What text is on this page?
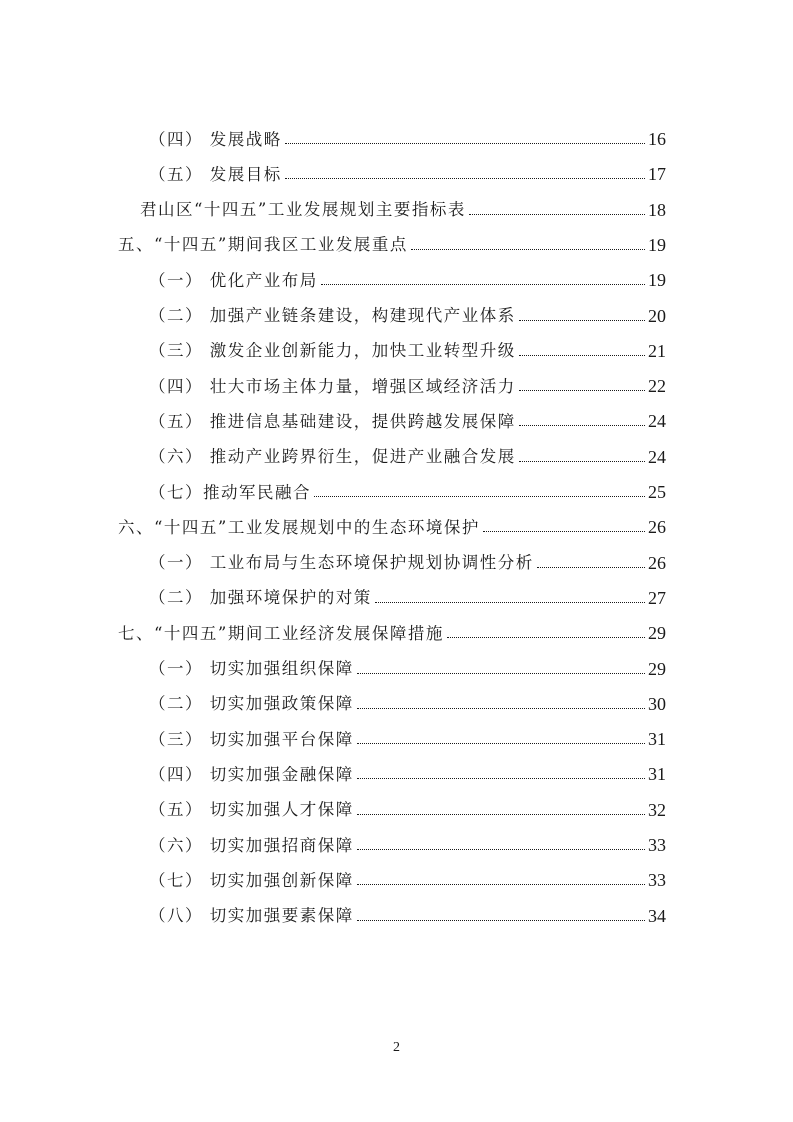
（四） 发展战略	16
（五） 发展目标	17
君山区“十四五”工业发展规划主要指标表	18
五、“十四五”期间我区工业发展重点	19
（一） 优化产业布局	19
（二） 加强产业链条建设，构建现代产业体系	20
（三） 激发企业创新能力，加快工业转型升级	21
（四） 壮大市场主体力量，增强区域经济活力	22
（五） 推进信息基础建设，提供跨越发展保障	24
（六） 推动产业跨界衍生，促进产业融合发展	24
（七）推动军民融合	25
六、“十四五”工业发展规划中的生态环境保护	26
（一） 工业布局与生态环境保护规划协调性分析	26
（二） 加强环境保护的对策	27
七、“十四五”期间工业经济发展保障措施	29
（一） 切实加强组织保障	29
（二） 切实加强政策保障	30
（三） 切实加强平台保障	31
（四） 切实加强金融保障	31
（五） 切实加强人才保障	32
（六） 切实加强招商保障	33
（七） 切实加强创新保障	33
（八） 切实加强要素保障	34
2
